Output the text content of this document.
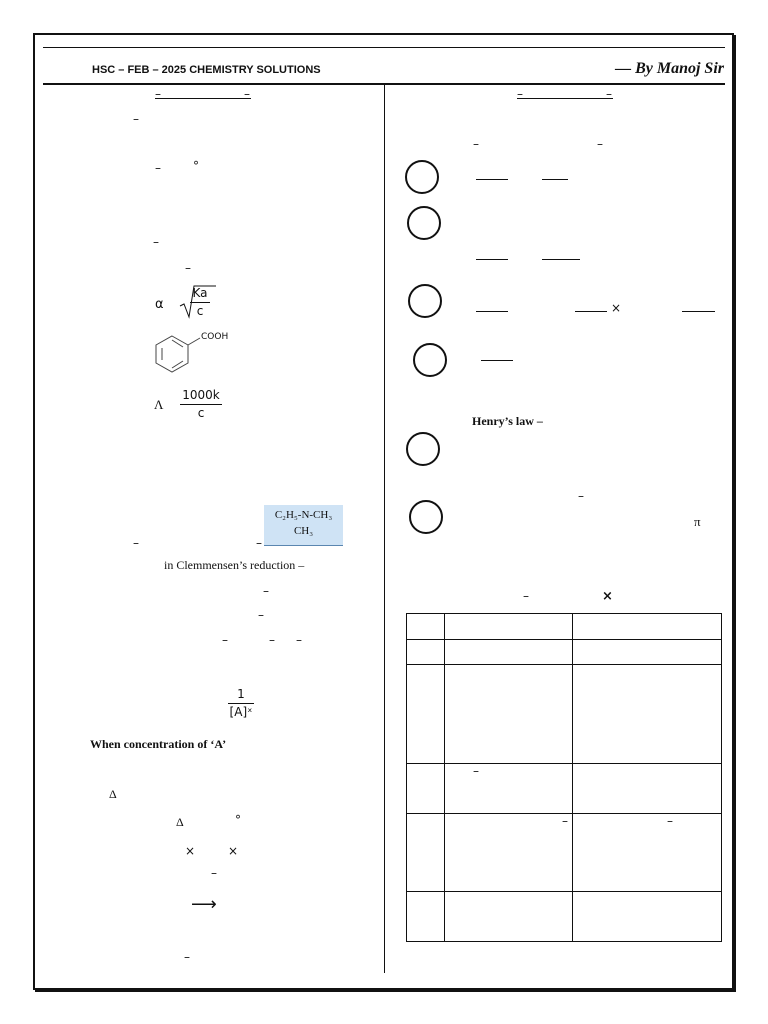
HSC – FEB – 2025 CHEMISTRY SOLUTIONS	— By Manoj Sir
–	–
–
–	°
–
–
α
Ka
c
COOH
Λ
1000k
c
–	–
C₂H₅-N-CH₃
CH₃
in Clemmensen’s reduction –
–
–
–	– –
1
[A]ˣ
When concentration of ‘A’
Δ
Δ	°
×	×
–
⟶
–
–	–
–	–
×
Henry’s law –
–
π
–	×

	–	
	–	–
